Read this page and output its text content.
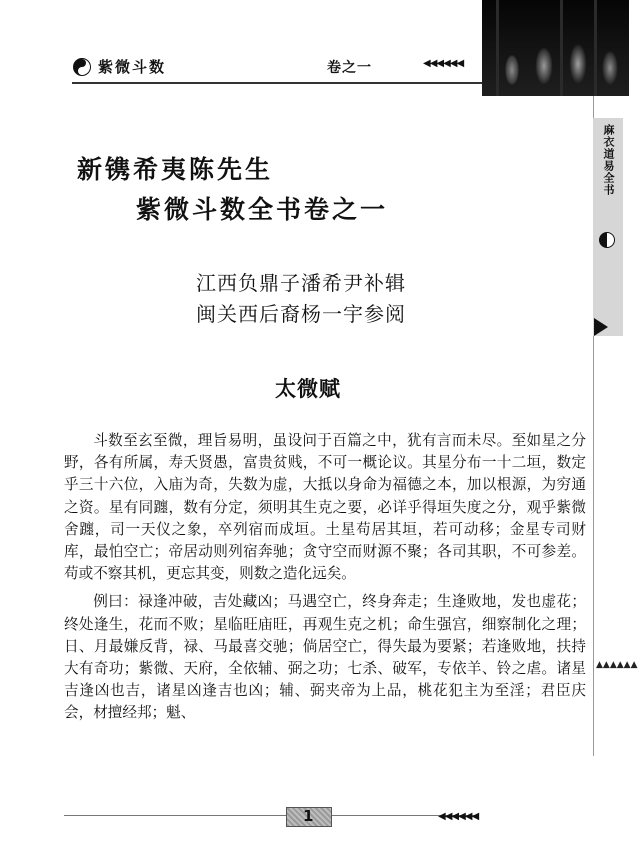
紫微斗数	卷之一	◀◀◀◀◀◀
麻衣道易全书
▲▲▲▲▲▲
新镌希夷陈先生
紫微斗数全书卷之一
江西负鼎子潘希尹补辑
闽关西后裔杨一宇参阅
太微赋

斗数至玄至微，理旨易明，虽设问于百篇之中，犹有言而未尽。至如星之分野，各有所属，寿夭贤愚，富贵贫贱，不可一概论议。其星分布一十二垣，数定乎三十六位，入庙为奇，失数为虚，大抵以身命为福德之本，加以根源，为穷通之资。星有同躔，数有分定，须明其生克之要，必详乎得垣失度之分，观乎紫微舍躔，司一天仪之象，卒列宿而成垣。土星苟居其垣，若可动移；金星专司财库，最怕空亡；帝居动则列宿奔驰；贪守空而财源不聚；各司其职，不可参差。苟或不察其机，更忘其变，则数之造化远矣。

例曰：禄逢冲破，吉处藏凶；马遇空亡，终身奔走；生逢败地，发也虚花；终处逢生，花而不败；星临旺庙旺，再观生克之机；命生强宫，细察制化之理；日、月最嫌反背，禄、马最喜交驰；倘居空亡，得失最为要紧；若逢败地，扶持大有奇功；紫微、天府，全依辅、弼之功；七杀、破军，专依羊、铃之虐。诸星吉逢凶也吉，诸星凶逢吉也凶；辅、弼夹帝为上品，桃花犯主为至淫；君臣庆会，材擅经邦；魁、

1	◀◀◀◀◀◀
